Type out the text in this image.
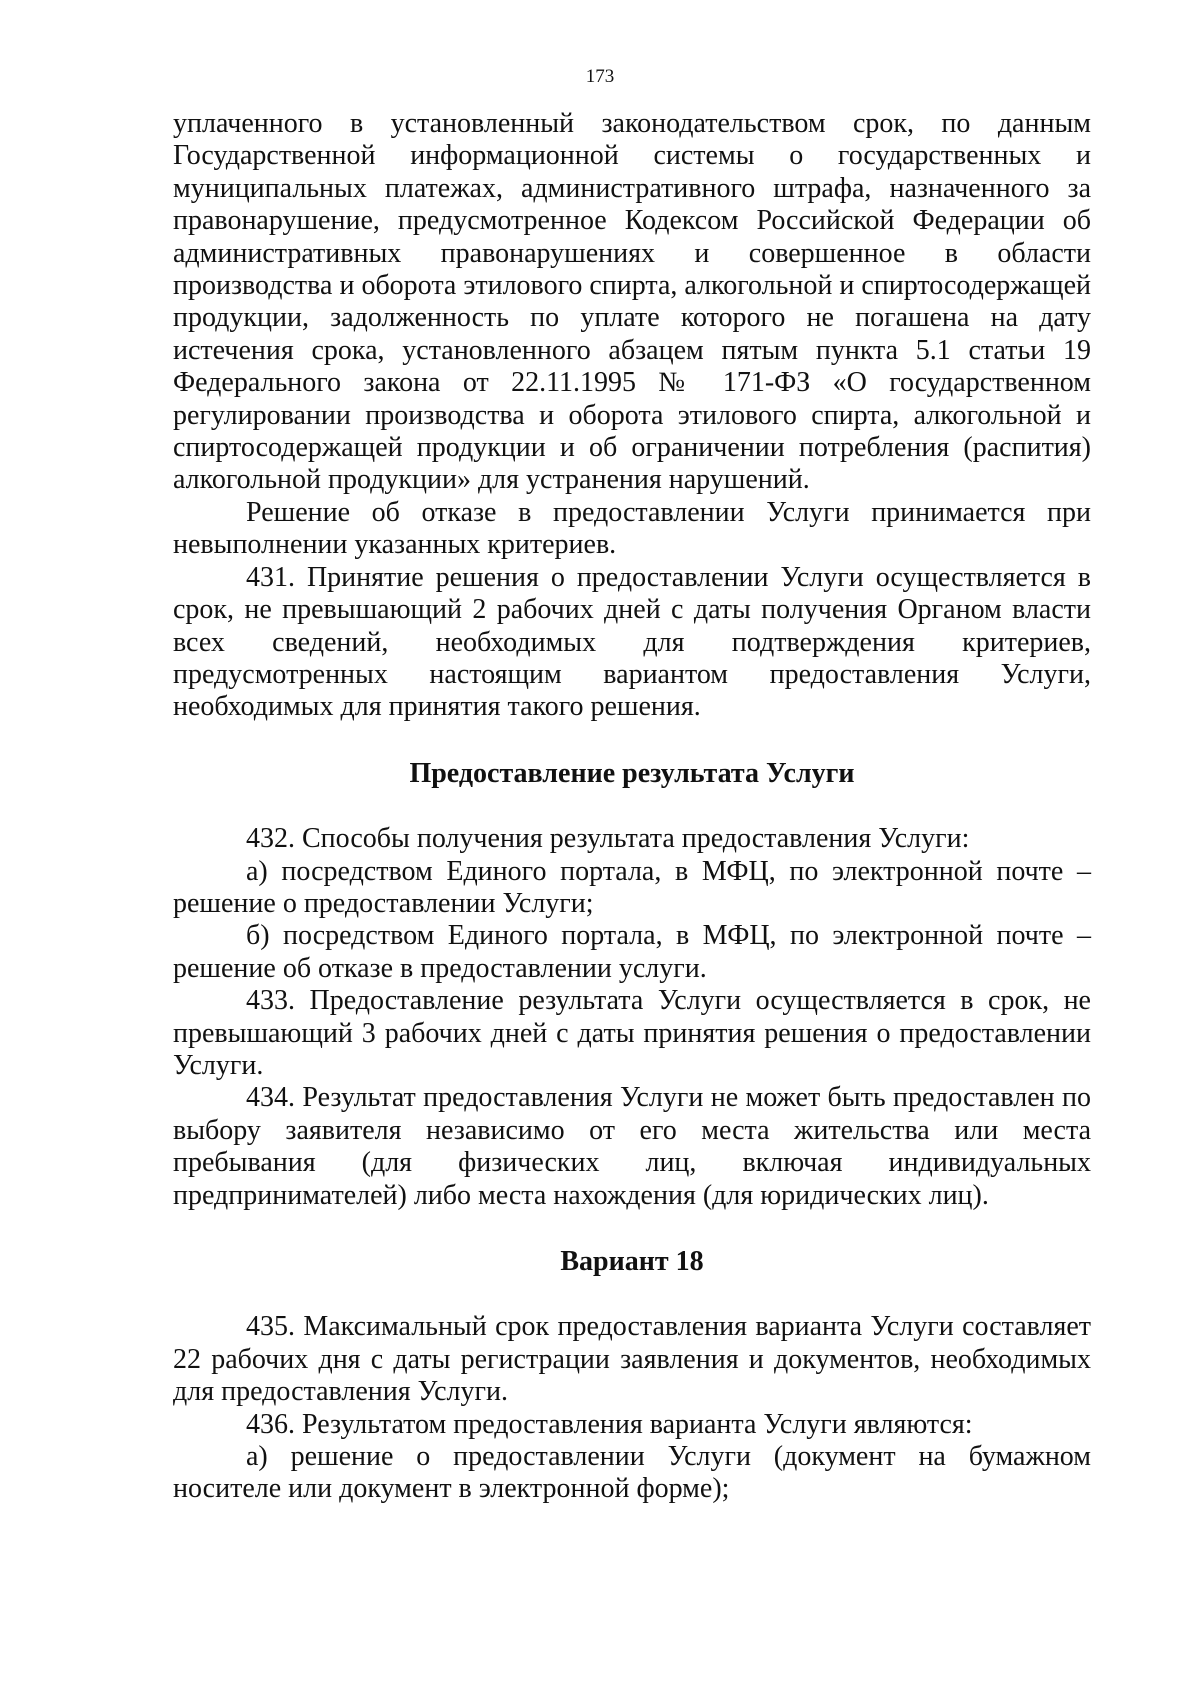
173

уплаченного в установленный законодательством срок, по данным Государственной информационной системы о государственных и муниципальных платежах, административного штрафа, назначенного за правонарушение, предусмотренное Кодексом Российской Федерации об административных правонарушениях и совершенное в области производства и оборота этилового спирта, алкогольной и спиртосодержащей продукции, задолженность по уплате которого не погашена на дату истечения срока, установленного абзацем пятым пункта 5.1 статьи 19 Федерального закона от 22.11.1995 № 171-ФЗ «О государственном регулировании производства и оборота этилового спирта, алкогольной и спиртосодержащей продукции и об ограничении потребления (распития) алкогольной продукции» для устранения нарушений.

Решение об отказе в предоставлении Услуги принимается при невыполнении указанных критериев.

431. Принятие решения о предоставлении Услуги осуществляется в срок, не превышающий 2 рабочих дней с даты получения Органом власти всех сведений, необходимых для подтверждения критериев, предусмотренных настоящим вариантом предоставления Услуги, необходимых для принятия такого решения.

Предоставление результата Услуги

432. Способы получения результата предоставления Услуги:

а) посредством Единого портала, в МФЦ, по электронной почте – решение о предоставлении Услуги;

б) посредством Единого портала, в МФЦ, по электронной почте – решение об отказе в предоставлении услуги.

433. Предоставление результата Услуги осуществляется в срок, не превышающий 3 рабочих дней с даты принятия решения о предоставлении Услуги.

434. Результат предоставления Услуги не может быть предоставлен по выбору заявителя независимо от его места жительства или места пребывания (для физических лиц, включая индивидуальных предпринимателей) либо места нахождения (для юридических лиц).

Вариант 18

435. Максимальный срок предоставления варианта Услуги составляет 22 рабочих дня с даты регистрации заявления и документов, необходимых для предоставления Услуги.

436. Результатом предоставления варианта Услуги являются:

а) решение о предоставлении Услуги (документ на бумажном носителе или документ в электронной форме);
